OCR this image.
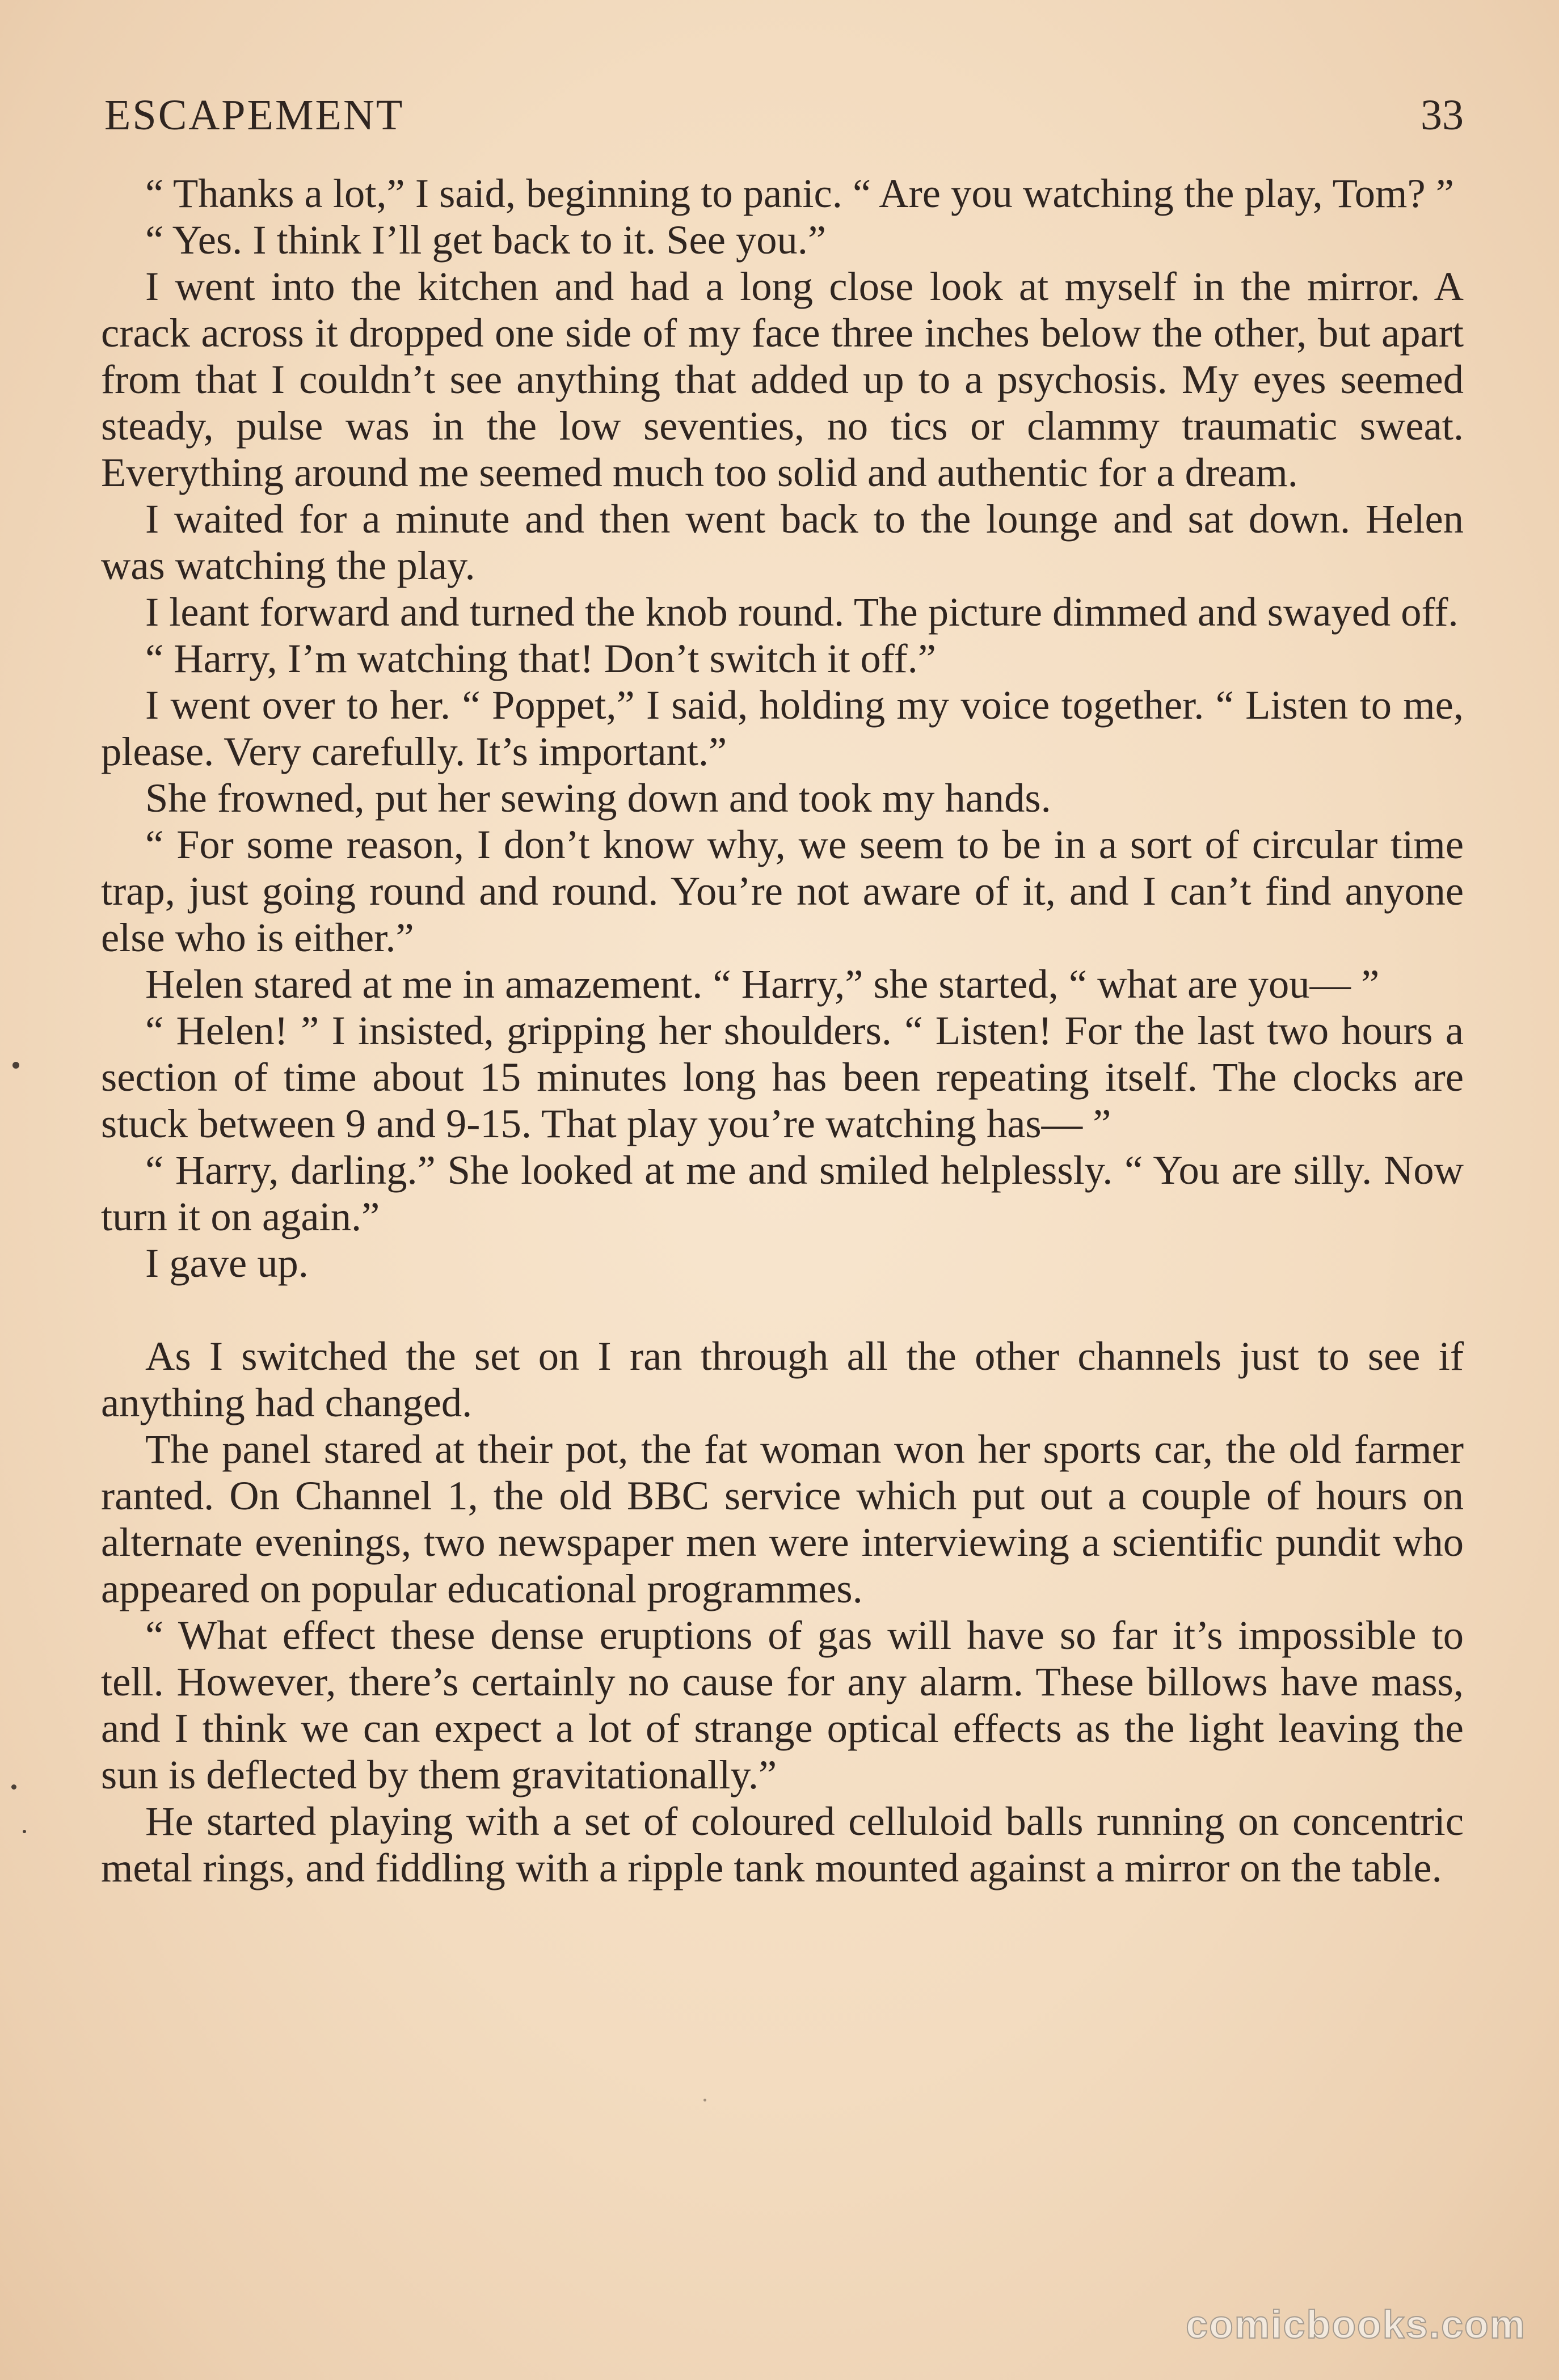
ESCAPEMENT	33

“ Thanks a lot,” I said, beginning to panic. “ Are you watching the play, Tom? ”

“ Yes. I think I’ll get back to it. See you.”

I went into the kitchen and had a long close look at myself in the mirror. A crack across it dropped one side of my face three inches below the other, but apart from that I couldn’t see anything that added up to a psychosis. My eyes seemed steady, pulse was in the low seventies, no tics or clammy traumatic sweat. Everything around me seemed much too solid and authentic for a dream.

I waited for a minute and then went back to the lounge and sat down. Helen was watching the play.

I leant forward and turned the knob round. The picture dimmed and swayed off.

“ Harry, I’m watching that! Don’t switch it off.”

I went over to her. “ Poppet,” I said, holding my voice together. “ Listen to me, please. Very carefully. It’s important.”

She frowned, put her sewing down and took my hands.

“ For some reason, I don’t know why, we seem to be in a sort of circular time trap, just going round and round. You’re not aware of it, and I can’t find anyone else who is either.”

Helen stared at me in amazement. “ Harry,” she started, “ what are you— ”

“ Helen! ” I insisted, gripping her shoulders. “ Listen! For the last two hours a section of time about 15 minutes long has been repeating itself. The clocks are stuck between 9 and 9-15. That play you’re watching has— ”

“ Harry, darling.” She looked at me and smiled helplessly. “ You are silly. Now turn it on again.”

I gave up.

As I switched the set on I ran through all the other channels just to see if anything had changed.

The panel stared at their pot, the fat woman won her sports car, the old farmer ranted. On Channel 1, the old BBC service which put out a couple of hours on alternate evenings, two newspaper men were interviewing a scientific pundit who appeared on popular educational programmes.

“ What effect these dense eruptions of gas will have so far it’s impossible to tell. However, there’s certainly no cause for any alarm. These billows have mass, and I think we can expect a lot of strange optical effects as the light leaving the sun is deflected by them gravitationally.”

He started playing with a set of coloured celluloid balls running on concentric metal rings, and fiddling with a ripple tank mounted against a mirror on the table.

comicbooks.com
